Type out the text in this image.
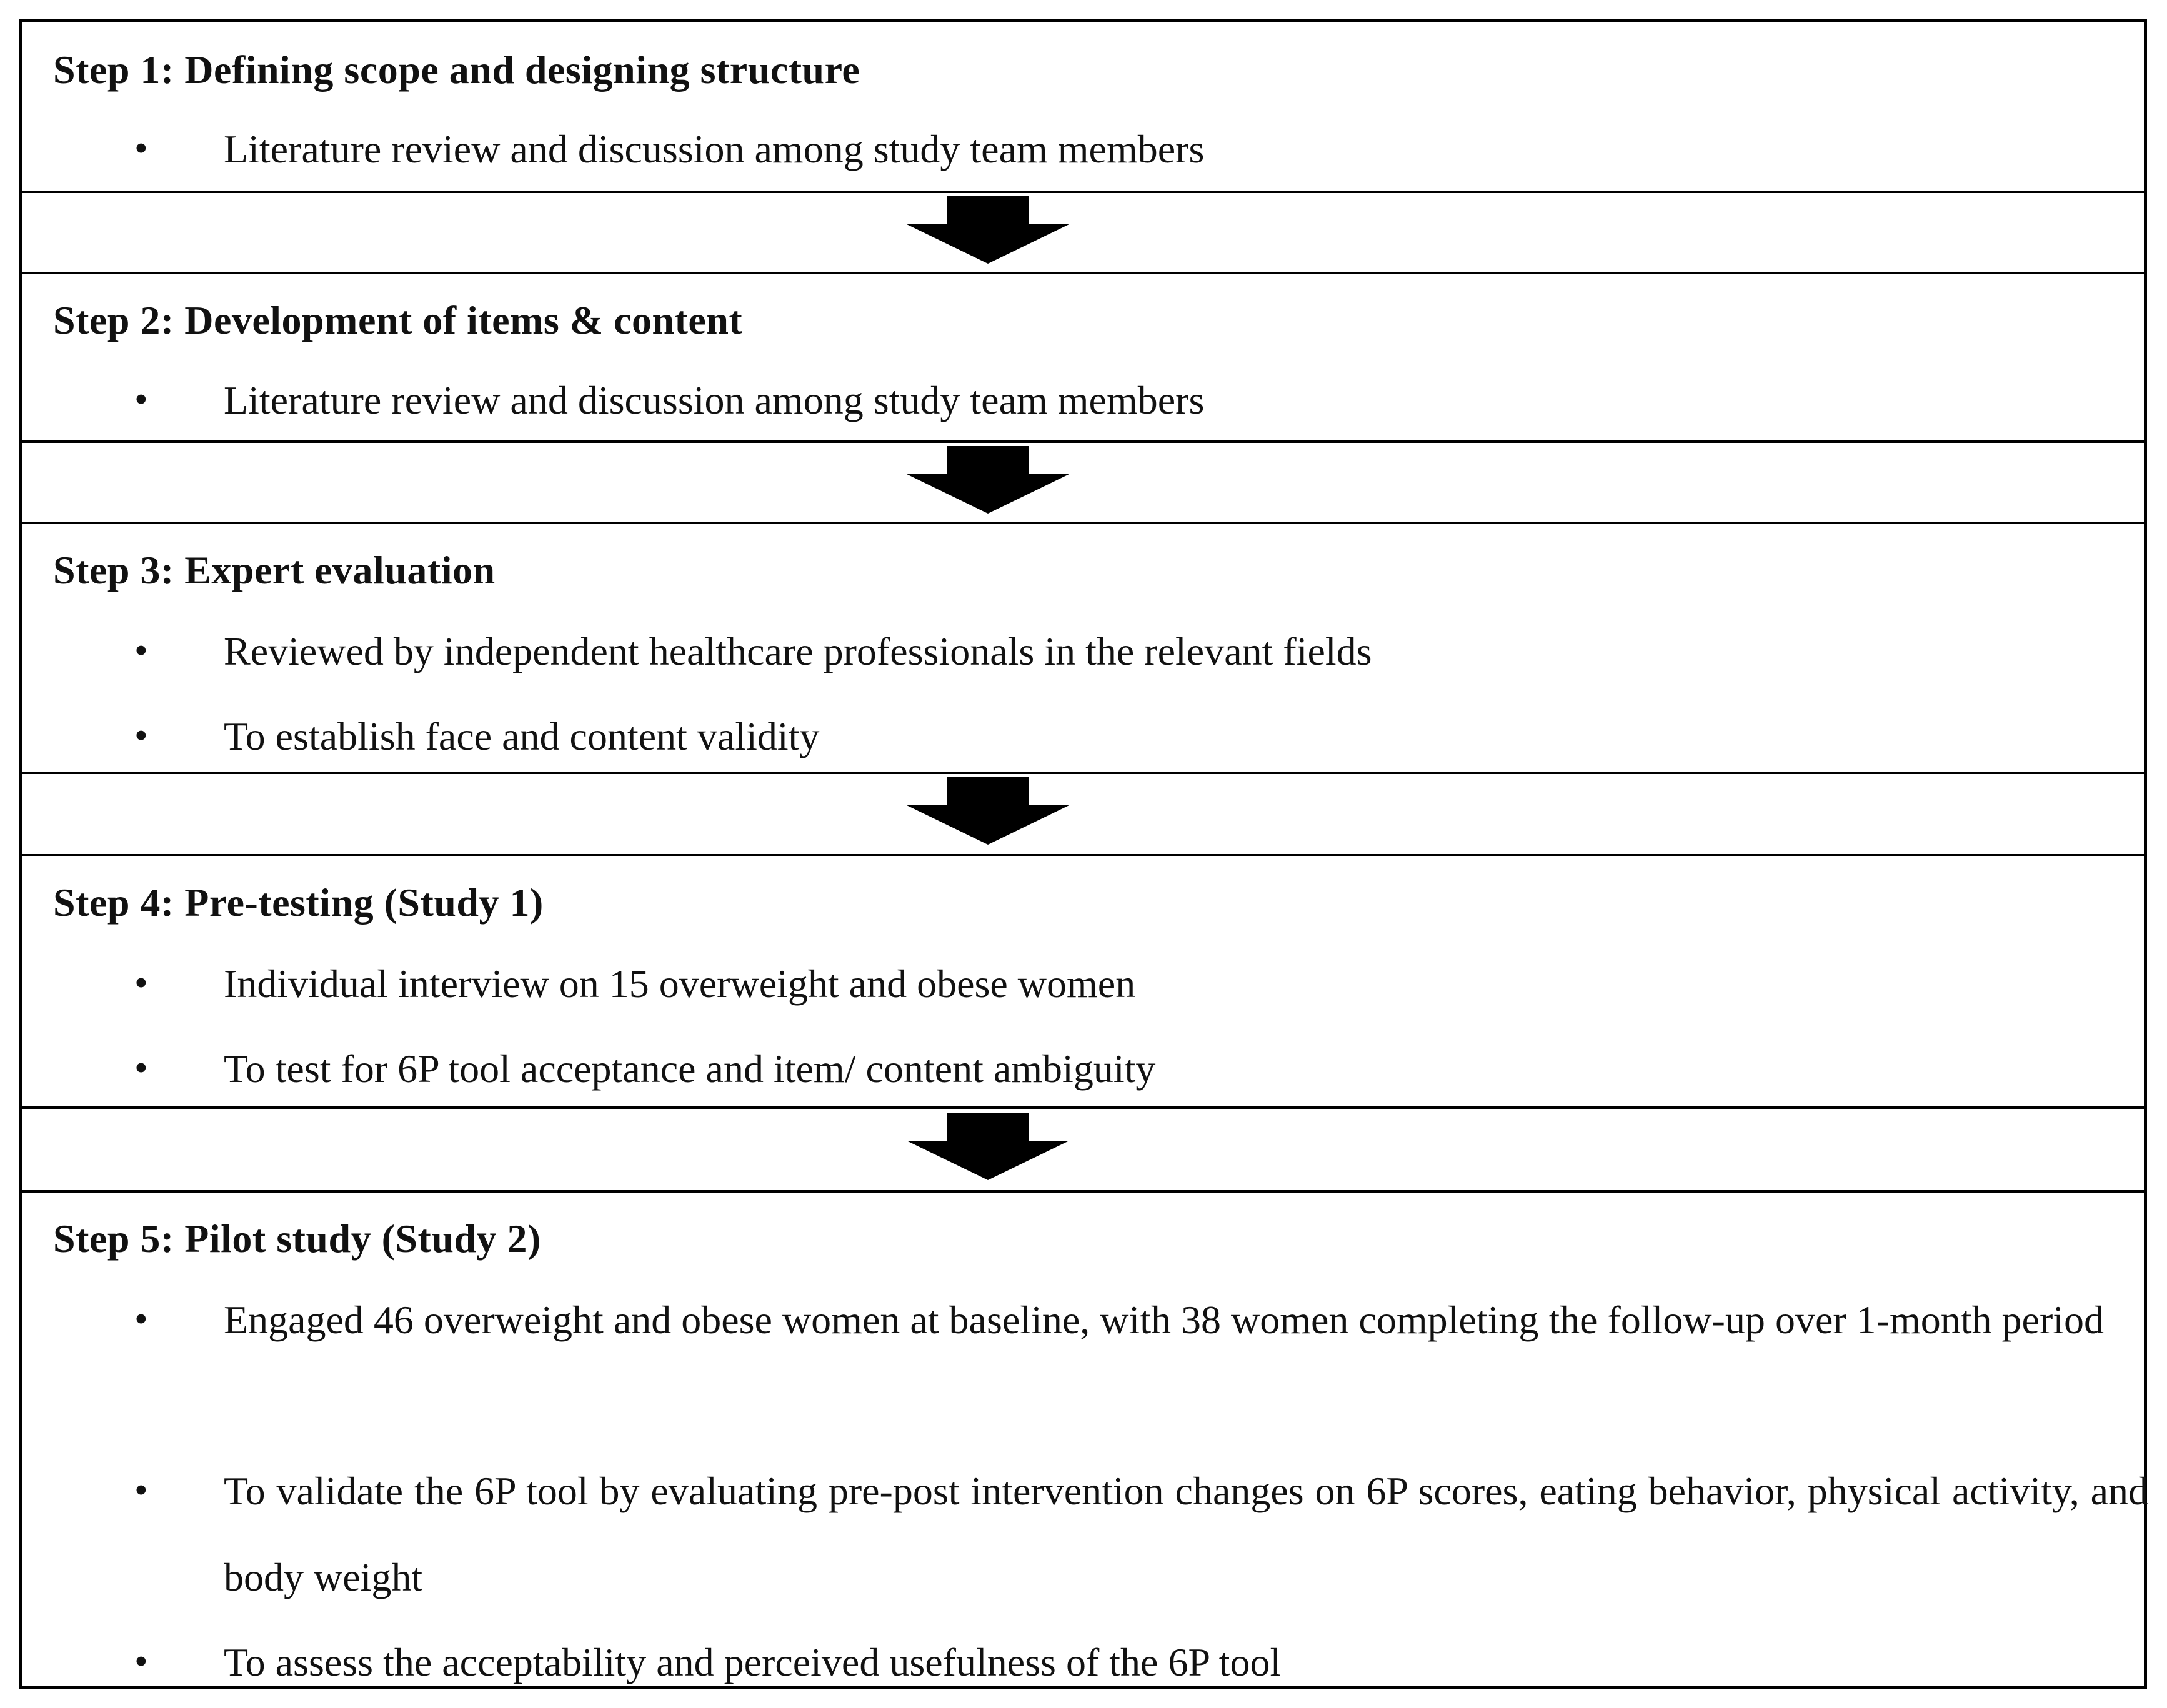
Step 1: Defining scope and designing structure
• Literature review and discussion among study team members
Step 2: Development of items & content
• Literature review and discussion among study team members
Step 3: Expert evaluation
• Reviewed by independent healthcare professionals in the relevant fields
• To establish face and content validity
Step 4: Pre-testing (Study 1)
• Individual interview on 15 overweight and obese women
• To test for 6P tool acceptance and item/ content ambiguity
Step 5: Pilot study (Study 2)
• Engaged 46 overweight and obese women at baseline, with 38 women completing the follow-up over 1-month period
• To validate the 6P tool by evaluating pre-post intervention changes on 6P scores, eating behavior, physical activity, and body weight
• To assess the acceptability and perceived usefulness of the 6P tool
